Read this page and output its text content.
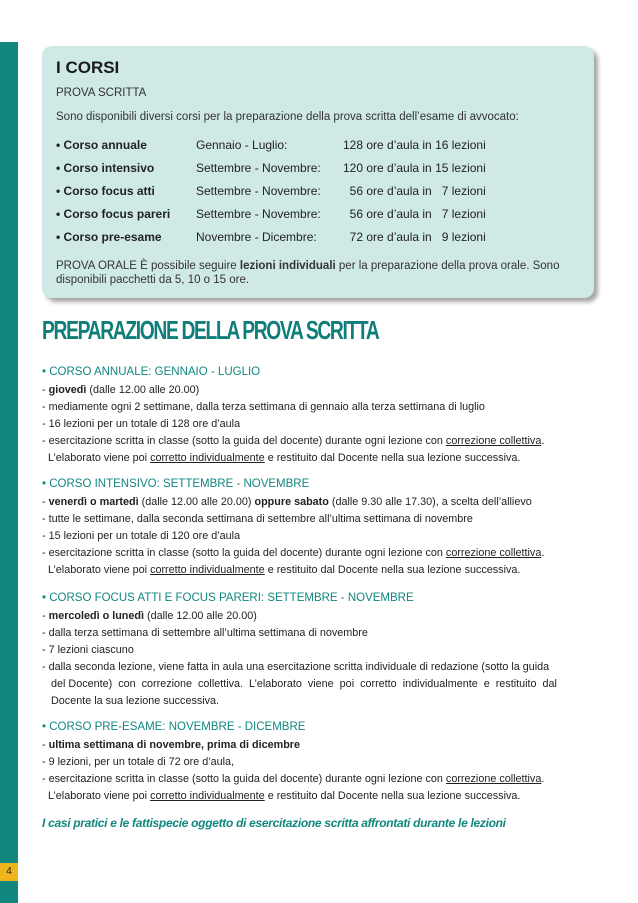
4
I CORSI
PROVA SCRITTA
Sono disponibili diversi corsi per la preparazione della prova scritta dell’esame di avvocato:
• Corso annuale	Gennaio - Luglio:	128 ore d’aula in 16 lezioni
• Corso intensivo	Settembre - Novembre: 120 ore d’aula in 15 lezioni
• Corso focus atti	Settembre - Novembre: 56 ore d’aula in   7 lezioni
• Corso focus pareri Settembre - Novembre: 56 ore d’aula in   7 lezioni
• Corso pre-esame	Novembre - Dicembre: 72 ore d’aula in   9 lezioni
PROVA ORALE È possibile seguire lezioni individuali per la preparazione della prova orale. Sono disponibili pacchetti da 5, 10 o 15 ore.
PREPARAZIONE DELLA PROVA SCRITTA
• CORSO ANNUALE: GENNAIO - LUGLIO
- giovedì (dalle 12.00 alle 20.00)
- mediamente ogni 2 settimane, dalla terza settimana di gennaio alla terza settimana di luglio
- 16 lezioni per un totale di 128 ore d’aula
- esercitazione scritta in classe (sotto la guida del docente) durante ogni lezione con correzione collettiva.
L’elaborato viene poi corretto individualmente e restituito dal Docente nella sua lezione successiva.
• CORSO INTENSIVO: SETTEMBRE - NOVEMBRE
- venerdì o martedì (dalle 12.00 alle 20.00) oppure sabato (dalle 9.30 alle 17.30), a scelta dell’allievo
- tutte le settimane, dalla seconda settimana di settembre all’ultima settimana di novembre
- 15 lezioni per un totale di 120 ore d’aula
- esercitazione scritta in classe (sotto la guida del docente) durante ogni lezione con correzione collettiva.
L’elaborato viene poi corretto individualmente e restituito dal Docente nella sua lezione successiva.
• CORSO FOCUS ATTI E FOCUS PARERI: SETTEMBRE - NOVEMBRE
- mercoledì o lunedì (dalle 12.00 alle 20.00)
- dalla terza settimana di settembre all’ultima settimana di novembre
- 7 lezioni ciascuno
- dalla seconda lezione, viene fatta in aula una esercitazione scritta individuale di redazione (sotto la guida
del Docente)  con  correzione  collettiva.  L’elaborato  viene  poi  corretto  individualmente  e  restituito  dal
Docente la sua lezione successiva.
• CORSO PRE-ESAME: NOVEMBRE - DICEMBRE
- ultima settimana di novembre, prima di dicembre
- 9 lezioni, per un totale di 72 ore d’aula,
- esercitazione scritta in classe (sotto la guida del docente) durante ogni lezione con correzione collettiva.
L’elaborato viene poi corretto individualmente e restituito dal Docente nella sua lezione successiva.
I casi pratici e le fattispecie oggetto di esercitazione scritta affrontati durante le lezioni
